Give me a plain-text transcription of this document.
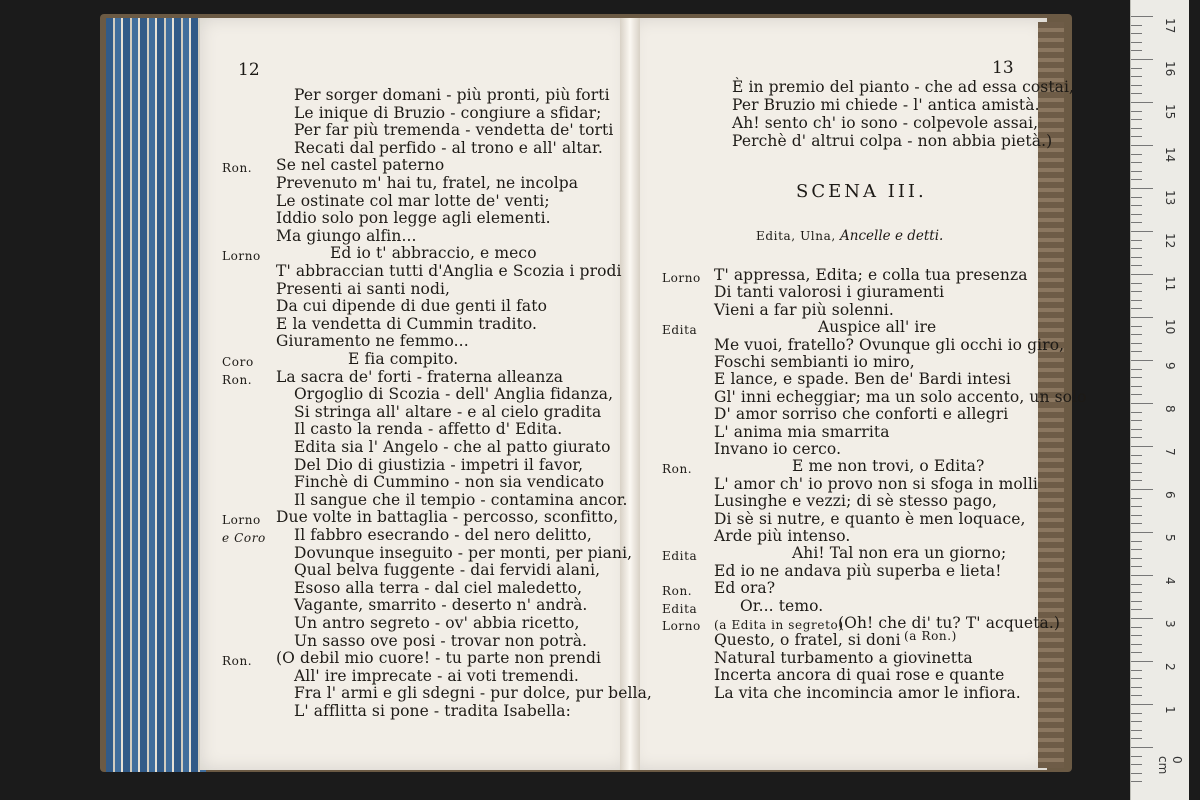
12	13
Per sorger domani - più pronti, più forti
Le inique di Bruzio - congiure a sfidar;
Per far più tremenda - vendetta de' torti
Recati dal perfido - al trono e all' altar.
Ron. Se nel castel paterno
Prevenuto m' hai tu, fratel, ne incolpa
Le ostinate col mar lotte de' venti;
Iddio solo pon legge agli elementi.
Ma giungo alfin...
Lorno	Ed io t' abbraccio, e meco
T' abbraccian tutti d'Anglia e Scozia i prodi
Presenti ai santi nodi,
Da cui dipende di due genti il fato
E la vendetta di Cummin tradito.
Giuramento ne femmo...
Coro	E fia compito.
Ron. La sacra de' forti - fraterna alleanza
Orgoglio di Scozia - dell' Anglia fidanza,
Si stringa all' altare - e al cielo gradita
Il casto la renda - affetto d' Edita.
Edita sia l' Angelo - che al patto giurato
Del Dio di giustizia - impetri il favor,
Finchè di Cummino - non sia vendicato
Il sangue che il tempio - contamina ancor.
Lorno Due volte in battaglia - percosso, sconfitto,
e Coro Il fabbro esecrando - del nero delitto,
Dovunque inseguito - per monti, per piani,
Qual belva fuggente - dai fervidi alani,
Esoso alla terra - dal ciel maledetto,
Vagante, smarrito - deserto n' andrà.
Un antro segreto - ov' abbia ricetto,
Un sasso ove posi - trovar non potrà.
Ron. (O debil mio cuore! - tu parte non prendi
All' ire imprecate - ai voti tremendi.
Fra l' armi e gli sdegni - pur dolce, pur bella,
L' afflitta si pone - tradita Isabella:
È in premio del pianto - che ad essa costai,
Per Bruzio mi chiede - l' antica amistà.
Ah! sento ch' io sono - colpevole assai,
Perchè d' altrui colpa - non abbia pietà.)
Lorno T' appressa, Edita; e colla tua presenza
Di tanti valorosi i giuramenti
Vieni a far più solenni.
Edita	Auspice all' ire
Me vuoi, fratello? Ovunque gli occhi io giro,
Foschi sembianti io miro,
E lance, e spade. Ben de' Bardi intesi
Gl' inni echeggiar; ma un solo accento, un solo
D' amor sorriso che conforti e allegri
L' anima mia smarrita
Invano io cerco.
Ron.	E me non trovi, o Edita?
L' amor ch' io provo non si sfoga in molli
Lusinghe e vezzi; di sè stesso pago,
Di sè si nutre, e quanto è men loquace,
Arde più intenso.
Edita	Ahi! Tal non era un giorno;
Ed io ne andava più superba e lieta!
Ron. Ed ora?
Edita	Or... temo.
Lorno (a Edita in segreto)
(Oh! che di' tu? T' acqueta.)
Questo, o fratel, si doni (a Ron.)
Natural turbamento a giovinetta
Incerta ancora di quai rose e quante
La vita che incomincia amor le infiora.
SCENA III.
Edita, Ulna, Ancelle e detti.
17
16
15
14
13
12
11
10
9
8
7
6
5
4
3
2
1
0 cm
